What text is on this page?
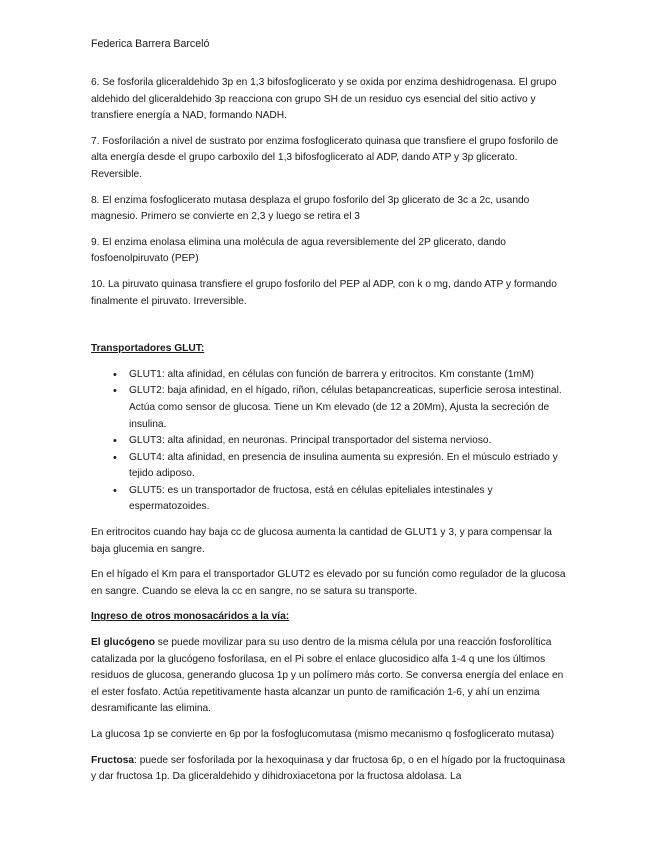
Federica Barrera Barceló

6. Se fosforila gliceraldehido 3p en 1,3 bifosfoglicerato y se oxida por enzima deshidrogenasa. El grupo aldehido del gliceraldehido 3p reacciona con grupo SH de un residuo cys esencial del sitio activo y transfiere energía a NAD, formando NADH.

7. Fosforilación a nivel de sustrato por enzima fosfoglicerato quinasa que transfiere el grupo fosforilo de alta energía desde el grupo carboxilo del 1,3 bifosfoglicerato al ADP, dando ATP y 3p glicerato. Reversible.

8. El enzima fosfoglicerato mutasa desplaza el grupo fosforilo del 3p glicerato de 3c a 2c, usando magnesio. Primero se convierte en 2,3 y luego se retira el 3

9. El enzima enolasa elimina una molécula de agua reversiblemente del 2P glicerato, dando fosfoenolpiruvato (PEP)

10. La piruvato quinasa transfiere el grupo fosforilo del PEP al ADP, con k o mg, dando ATP y formando finalmente el piruvato. Irreversible.

Transportadores GLUT:

• GLUT1: alta afinidad, en células con función de barrera y eritrocitos. Km constante (1mM)
• GLUT2: baja afinidad, en el hígado, riñon, células betapancreaticas, superficie serosa intestinal. Actúa como sensor de glucosa. Tiene un Km elevado (de 12 a 20Mm), Ajusta la secreción de insulina.
• GLUT3: alta afinidad, en neuronas. Principal transportador del sistema nervioso.
• GLUT4: alta afinidad, en presencia de insulina aumenta su expresión. En el músculo estriado y tejido adiposo.
• GLUT5: es un transportador de fructosa, está en células epiteliales intestinales y espermatozoides.

En eritrocitos cuando hay baja cc de glucosa aumenta la cantidad de GLUT1 y 3, y para compensar la baja glucemia en sangre.

En el hígado el Km para el transportador GLUT2 es elevado por su función como regulador de la glucosa en sangre. Cuando se eleva la cc en sangre, no se satura su transporte.

Ingreso de otros monosacáridos a la vía:

El glucógeno se puede movilizar para su uso dentro de la misma célula por una reacción fosforolítica catalizada por la glucógeno fosforilasa, en el Pi sobre el enlace glucosidico alfa 1-4 q une los últimos residuos de glucosa, generando glucosa 1p y un polímero más corto. Se conversa energía del enlace en el ester fosfato. Actúa repetitivamente hasta alcanzar un punto de ramificación 1-6, y ahí un enzima desramificante las elimina.

La glucosa 1p se convierte en 6p por la fosfoglucomutasa (mismo mecanismo q fosfoglicerato mutasa)

Fructosa: puede ser fosforilada por la hexoquinasa y dar fructosa 6p, o en el hígado por la fructoquinasa y dar fructosa 1p. Da gliceraldehido y dihidroxiacetona por la fructosa aldolasa. La
